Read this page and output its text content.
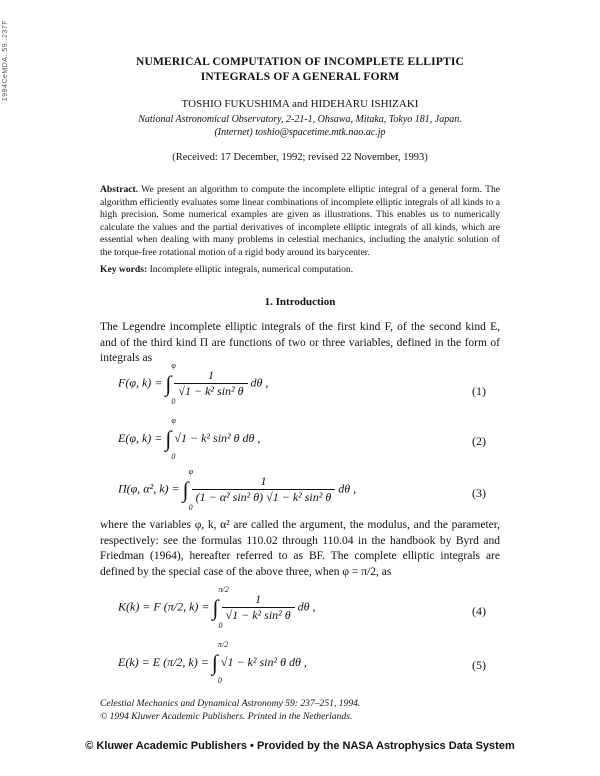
1994CeMDA..59..237F	NUMERICAL COMPUTATION OF INCOMPLETE ELLIPTIC
INTEGRALS OF A GENERAL FORM
TOSHIO FUKUSHIMA and HIDEHARU ISHIZAKI
National Astronomical Observatory, 2-21-1, Ohsawa, Mitaka, Tokyo 181, Japan.
(Internet) toshio@spacetime.mtk.nao.ac.jp
(Received: 17 December, 1992; revised 22 November, 1993)
Abstract. We present an algorithm to compute the incomplete elliptic integral of a general form. The algorithm efficiently evaluates some linear combinations of incomplete elliptic integrals of all kinds to a high precision. Some numerical examples are given as illustrations. This enables us to numerically calculate the values and the partial derivatives of incomplete elliptic integrals of all kinds, which are essential when dealing with many problems in celestial mechanics, including the analytic solution of the torque-free rotational motion of a rigid body around its barycenter.
Key words: Incomplete elliptic integrals, numerical computation.
1. Introduction
The Legendre incomplete elliptic integrals of the first kind F, of the second kind E, and of the third kind Π are functions of two or three variables, defined in the form of integrals as
F(φ, k) = ∫
φ
0

$\frac{1}{\text{√1 − k² sin² θ}}$ dθ ,
(1)
E(φ, k) = ∫
φ
0
√1 − k² sin² θ dθ ,	(2)
Π(φ, α², k) = ∫
φ
0

$\frac{1}{\text{(1 − α² sin² θ) √1 − k² sin² θ}}$ dθ ,	(3)
where the variables φ, k, α² are called the argument, the modulus, and the parameter, respectively: see the formulas 110.02 through 110.04 in the handbook by Byrd and Friedman (1964), hereafter referred to as BF. The complete elliptic integrals are defined by the special case of the above three, when φ = π/2, as
K(k) = F (π/2, k) = ∫
π/2
0

$\frac{1}{\text{√1 − k² sin² θ}}$ dθ ,	(4)
E(k) = E (π/2, k) = ∫
π/2
0
√1 − k² sin² θ dθ ,	(5)
Celestial Mechanics and Dynamical Astronomy 59: 237–251, 1994.
© 1994 Kluwer Academic Publishers. Printed in the Netherlands.
© Kluwer Academic Publishers • Provided by the NASA Astrophysics Data System
